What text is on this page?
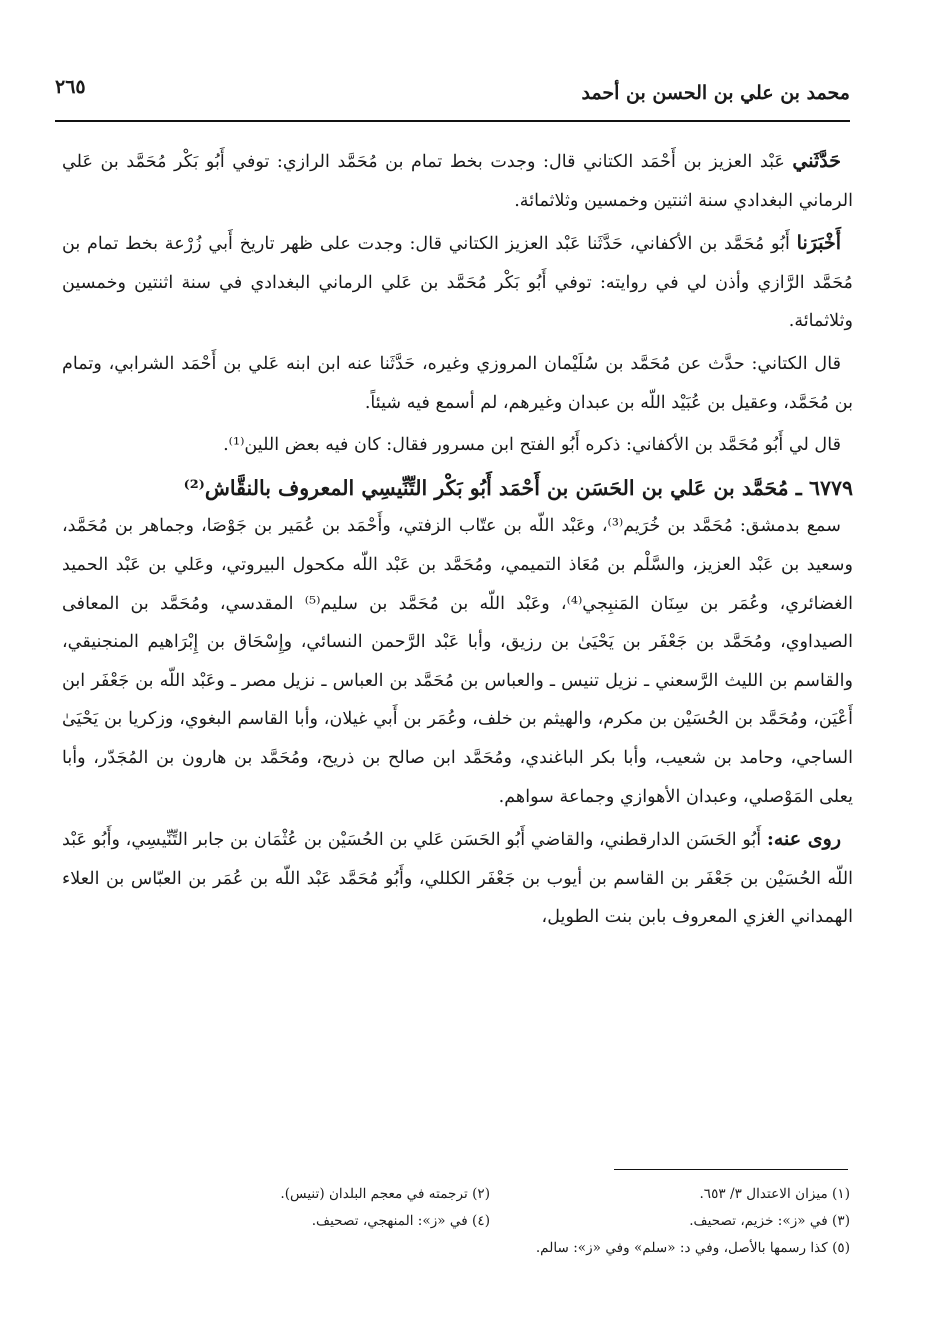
محمد بن علي بن الحسن بن أحمد
٢٦٥

حَدَّثَني عَبْد العزيز بن أَحْمَد الكتاني قال: وجدت بخط تمام بن مُحَمَّد الرازي: توفي أَبُو بَكْر مُحَمَّد بن عَلي الرماني البغدادي سنة اثنتين وخمسين وثلاثمائة.

أَخْبَرَنا أَبُو مُحَمَّد بن الأكفاني، حَدَّثَنا عَبْد العزيز الكتاني قال: وجدت على ظهر تاريخ أَبي زُرْعة بخط تمام بن مُحَمَّد الرَّازي وأذن لي في روايته: توفي أَبُو بَكْر مُحَمَّد بن عَلي الرماني البغدادي في سنة اثنتين وخمسين وثلاثمائة.

قال الكتاني: حدَّث عن مُحَمَّد بن سُلَيْمان المروزي وغيره، حَدَّثَنا عنه ابن ابنه عَلي بن أَحْمَد الشرابي، وتمام بن مُحَمَّد، وعقيل بن عُبَيْد اللّه بن عبدان وغيرهم، لم أسمع فيه شيئاً.

قال لي أَبُو مُحَمَّد بن الأكفاني: ذكره أَبُو الفتح ابن مسرور فقال: كان فيه بعض اللين⁽¹⁾.

٦٧٧٩ ـ مُحَمَّد بن عَلي بن الحَسَن بن أَحْمَد أَبُو بَكْر التِّنِّيسِي المعروف بالنقَّاش⁽²⁾

سمع بدمشق: مُحَمَّد بن خُرَيم⁽³⁾، وعَبْد اللّه بن عتّاب الزفتي، وأَحْمَد بن عُمَير بن جَوْصَا، وجماهر بن مُحَمَّد، وسعيد بن عَبْد العزيز، والسَّلْم بن مُعَاذ التميمي، ومُحَمَّد بن عَبْد اللّه مكحول البيروتي، وعَلي بن عَبْد الحميد الغضائري، وعُمَر بن سِنَان المَنبِجي⁽⁴⁾، وعَبْد اللّه بن مُحَمَّد بن سليم⁽⁵⁾ المقدسي، ومُحَمَّد بن المعافى الصيداوي، ومُحَمَّد بن جَعْفَر بن يَحْيَىٰ بن رزيق، وأبا عَبْد الرَّحمن النسائي، وإِسْحَاق بن إِبْرَاهيم المنجنيقي، والقاسم بن الليث الرَّسعني ـ نزيل تنيس ـ والعباس بن مُحَمَّد بن العباس ـ نزيل مصر ـ وعَبْد اللّه بن جَعْفَر ابن أَعْيَن، ومُحَمَّد بن الحُسَيْن بن مكرم، والهيثم بن خلف، وعُمَر بن أَبي غيلان، وأبا القاسم البغوي، وزكريا بن يَحْيَىٰ الساجي، وحامد بن شعيب، وأبا بكر الباغندي، ومُحَمَّد ابن صالح بن ذريح، ومُحَمَّد بن هارون بن المُجَدّر، وأبا يعلى المَوْصلي، وعبدان الأهوازي وجماعة سواهم.

روى عنه: أَبُو الحَسَن الدارقطني، والقاضي أَبُو الحَسَن عَلي بن الحُسَيْن بن عُثْمَان بن جابر التِّنِّيسِي، وأَبُو عَبْد اللّه الحُسَيْن بن جَعْفَر بن القاسم بن أيوب بن جَعْفَر الكللي، وأَبُو مُحَمَّد عَبْد اللّه بن عُمَر بن العبّاس بن العلاء الهمداني الغزي المعروف بابن بنت الطويل،

(١) ميزان الاعتدال ٣/ ٦٥٣.
(٢) ترجمته في معجم البلدان (تنيس).
(٣) في «ز»: خزيم، تصحيف.
(٤) في «ز»: المنهجي، تصحيف.
(٥) كذا رسمها بالأصل، وفي د: «سلم» وفي «ز»: سالم.
